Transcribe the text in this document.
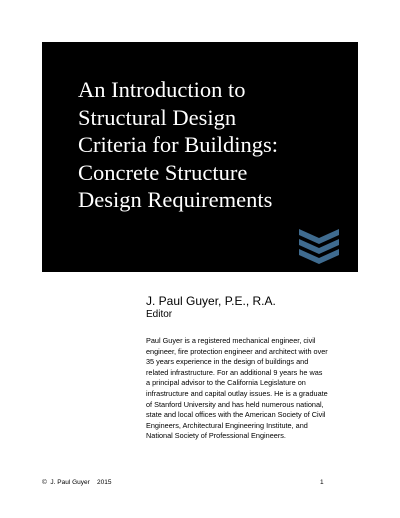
An Introduction to
Structural Design
Criteria for Buildings:
Concrete Structure
Design Requirements
J. Paul Guyer, P.E., R.A.
Editor
Paul Guyer is a registered mechanical engineer, civil
engineer, fire protection engineer and architect with over
35 years experience in the design of buildings and
related infrastructure. For an additional 9 years he was
a principal advisor to the California Legislature on
infrastructure and capital outlay issues. He is a graduate
of Stanford University and has held numerous national,
state and local offices with the American Society of Civil
Engineers, Architectural Engineering Institute, and
National Society of Professional Engineers.
©  J. Paul Guyer    2015	1
